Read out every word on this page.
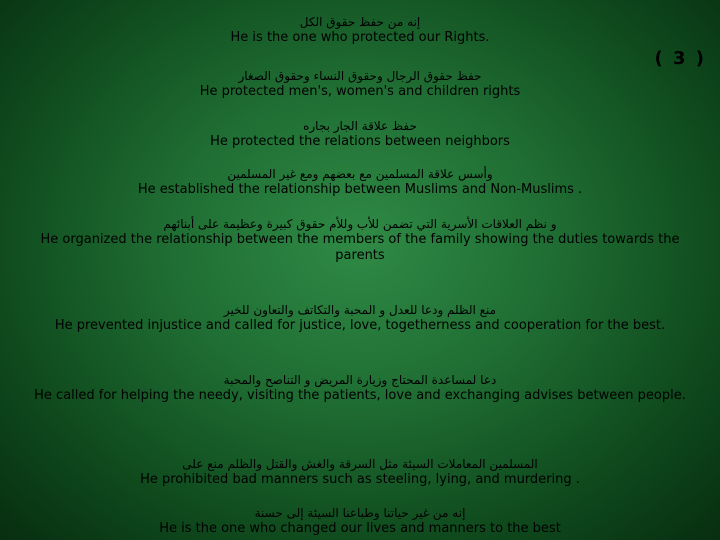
( 3 )
إنه من حفظ حقوق الكل
He is the one who protected our Rights.
حفظ حقوق الرجال وحقوق النساء وحقوق الصغار
He protected men's, women's and children rights
حفظ علاقة الجار بجاره
He protected the relations between neighbors
وأسس علاقة المسلمين مع بعضهم ومع غير المسلمين
He established the relationship between Muslims and Non-Muslims .
و نظم العلاقات الأسرية التي تضمن للأب وللأم حقوق كبيرة وعظيمة على أبنائهم
He organized the relationship between the members of the family showing the duties towards the parents
منع الظلم ودعا للعدل و المحبة والتكاتف والتعاون للخير
He prevented injustice and called for justice, love, togetherness and cooperation for the best.
دعا لمساعدة المحتاج وزيارة المريض و التناصح والمحبة
He called for helping the needy, visiting the patients, love and exchanging advises between people.
المسلمين المعاملات السيئة مثل السرقة والغش والقتل والظلم منع على
He prohibited bad manners such as steeling, lying, and murdering .
إنه من غير حياتنا وطباعنا السيئة إلى حسنة
He is the one who changed our lives and manners to the best
